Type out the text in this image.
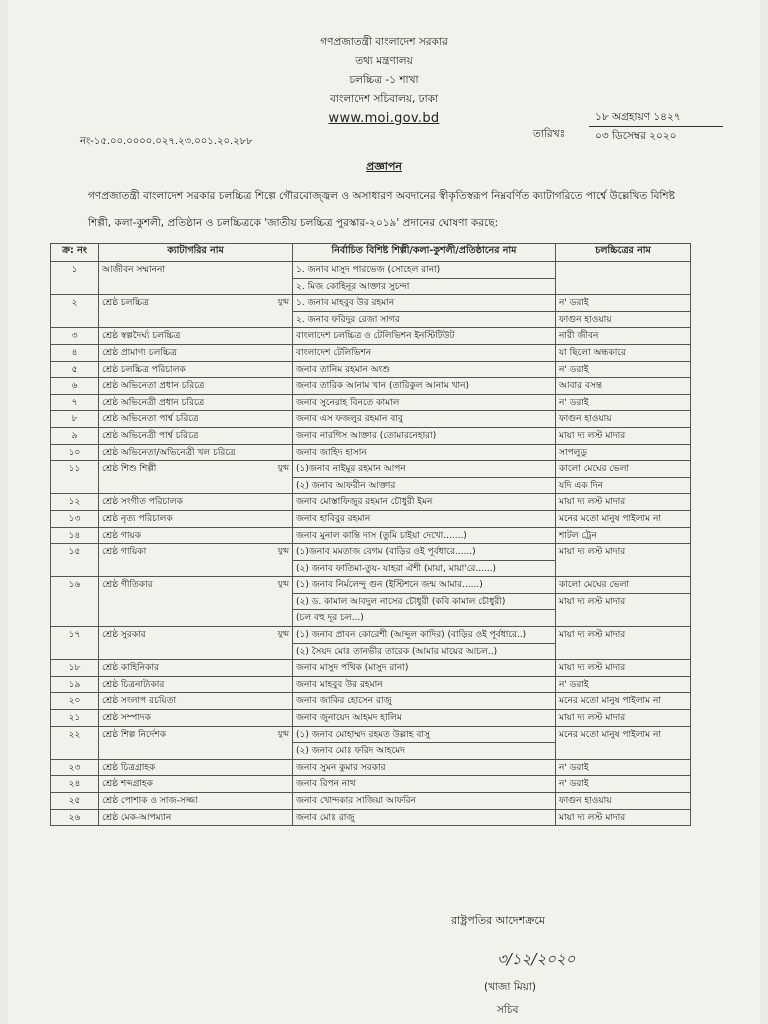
গণপ্রজাতন্ত্রী বাংলাদেশ সরকার
তথ্য মন্ত্রণালয়
চলচ্চিত্র -১ শাখা
বাংলাদেশ সচিবালয়, ঢাকা
www.moi.gov.bd
নং-১৫.০০.০০০০.০২৭.২৩.০০১.২০.২৮৮
১৮ অগ্রহায়ণ ১৪২৭
তারিখঃ	০৩ ডিসেম্বর ২০২০
প্রজ্ঞাপন
গণপ্রজাতন্ত্রী বাংলাদেশ সরকার চলচ্চিত্র শিল্পে গৌরবোজ্জ্বল ও অসাধারণ অবদানের স্বীকৃতিস্বরূপ নিম্নবর্ণিত ক্যাটাগরিতে পার্শ্বে উল্লেখিত বিশিষ্ট শিল্পী, কলা-কুশলী, প্রতিষ্ঠান ও চলচ্চিত্রকে 'জাতীয় চলচ্চিত্র পুরস্কার-২০১৯' প্রদানের ঘোষণা করছে:
ক্র: নং	ক্যাটাগরির নাম	নির্বাচিত বিশিষ্ট শিল্পী/কলা-কুশলী/প্রতিষ্ঠানের নাম	চলচ্চিত্রের নাম
১	আজীবন সম্মাননা	১. জনাব মাসুদ পারভেজ (সোহেল রানা)	
		২. মিজ কোহিনূর আক্তার সুচন্দা	
২	শ্রেষ্ঠ চলচ্চিত্র যুগ্ম	১. জনাব মাহবুব উর রহমান	ন' ডরাই
		২. জনাব ফরিদুর রেজা সাগর	ফাগুন হাওয়ায়
৩	শ্রেষ্ঠ স্বল্পদৈর্ঘ্য চলচ্চিত্র	বাংলাদেশ চলচ্চিত্র ও টেলিভিশন ইনস্টিটিউট	নারী জীবন
৪	শ্রেষ্ঠ প্রামাণ্য চলচ্চিত্র	বাংলাদেশ টেলিভিশন	যা ছিলো অন্ধকারে
৫	শ্রেষ্ঠ চলচ্চিত্র পরিচালক	জনাব তানিম রহমান অংশু	ন' ডরাই
৬	শ্রেষ্ঠ অভিনেতা প্রধান চরিত্রে	জনাব তারিক আনাম খান (তারিকুল আনাম খান)	আবার বসন্ত
৭	শ্রেষ্ঠ অভিনেত্রী প্রধান চরিত্রে	জনাব সুনেরাহ বিনতে কামাল	ন' ডরাই
৮	শ্রেষ্ঠ অভিনেতা পার্শ্ব চরিত্রে	জনাব এস ফজলুর রহমান বাবু	ফাগুন হাওয়ায়
৯	শ্রেষ্ঠ অভিনেত্রী পার্শ্ব চরিত্রে	জনাব নারগিস আক্তার (তোমারনেহারা)	মায়া দ্য লস্ট মাদার
১০	শ্রেষ্ঠ অভিনেতা/অভিনেত্রী খল চরিত্রে	জনাব জাহিদ হাসান	সাপলুডু
১১	শ্রেষ্ঠ শিশু শিল্পী যুগ্ম	(১)জনাব নাইমুর রহমান আপন	কালো মেঘের ভেলা
		(২) জনাব আফরীন আক্তার	যদি এক দিন
১২	শ্রেষ্ঠ সংগীত পরিচালক	জনাব মোস্তাফিজুর রহমান চৌধুরী ইমন	মায়া দ্য লস্ট মাদার
১৩	শ্রেষ্ঠ নৃত্য পরিচালক	জনাব হাবিবুর রহমান	মনের মতো মানুষ পাইলাম না
১৪	শ্রেষ্ঠ গায়ক	জনাব মুনাল কান্তি দাস (তুমি চাইয়া দেখো.......)	শাটল ট্রেন
১৫	শ্রেষ্ঠ গায়িকা যুগ্ম	(১)জনাব মমতাজ বেগম (বাড়ির ওই পূর্বধারে......)	মায়া দ্য লস্ট মাদার
		(২) জনাব ফাতিমা-তুয- যাহরা ঐশী (মায়া, মায়া'রে......)	
১৬	শ্রেষ্ঠ গীতিকার যুগ্ম	(১) জনাব নির্মলেন্দু গুন (ইস্টিশনে জন্ম আমার......)	কালো মেঘের ভেলা
		(২) ড. কামাল আবদুল নাসের চৌধুরী (কবি কামাল চৌধুরী)	মায়া দ্য লস্ট মাদার
		(চল বহু দূর চল...)	
১৭	শ্রেষ্ঠ সুরকার যুগ্ম	(১) জনাব প্রাবন কোরেশী (আব্দুল কাদির) (বাড়ির ওই পূর্বধারে..)	মায়া দ্য লস্ট মাদার
		(২) সৈয়দ মোঃ তানভীর তারেক (আমার মায়ের আচল..)	
১৮	শ্রেষ্ঠ কাহিনিকার	জনাব মাসুদ পথিক (মাসুদ রানা)	মায়া দ্য লস্ট মাদার
১৯	শ্রেষ্ঠ চিত্রনাট্যকার	জনাব মাহবুব উর রহমান	ন' ডরাই
২০	শ্রেষ্ঠ সংলাপ রচয়িতা	জনাব জাকির হোসেন রাজু	মনের মতো মানুষ পাইলাম না
২১	শ্রেষ্ঠ সম্পাদক	জনাব জুনায়েদ আহমদ হালিম	মায়া দ্য লস্ট মাদার
২২	শ্রেষ্ঠ শিল্প নির্দেশক যুগ্ম	(১) জনাব মোহাম্মদ রহমত উল্লাহ বাসু	মনের মতো মানুষ পাইলাম না
		(২) জনাব মোঃ ফরিদ আহমেদ	
২৩	শ্রেষ্ঠ চিত্রগ্রাহক	জনাব সুমন কুমার সরকার	ন' ডরাই
২৪	শ্রেষ্ঠ শব্দগ্রাহক	জনাব রিপন নাথ	ন' ডরাই
২৫	শ্রেষ্ঠ পোশাক ও সাজ-সজ্জা	জনাব খোন্দকার সাজিয়া আফরিন	ফাগুন হাওয়ায়
২৬	শ্রেষ্ঠ মেক-আপম্যান	জনাব মোঃ রাজু	মায়া দ্য লস্ট মাদার
রাষ্ট্রপতির আদেশক্রমে
৩/১২/২০২০
(খাজা মিয়া)
সচিব
